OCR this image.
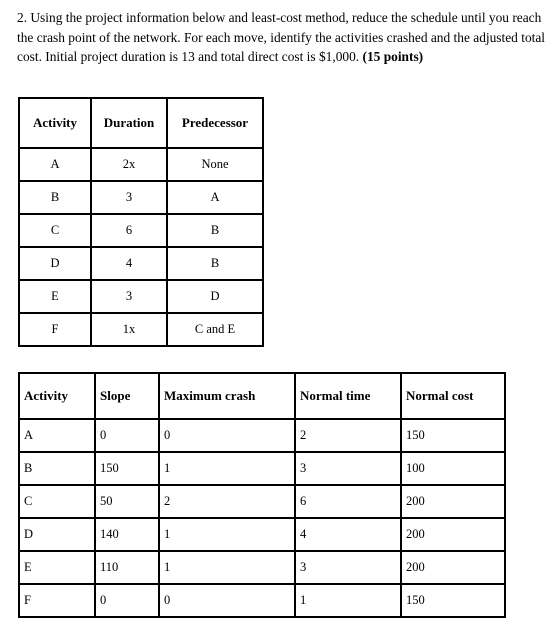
2. Using the project information below and least-cost method, reduce the schedule until you reach the crash point of the network. For each move, identify the activities crashed and the adjusted total cost. Initial project duration is 13 and total direct cost is $1,000. (15 points)

Activity	Duration	Predecessor
A	2x	None
B	3	A
C	6	B
D	4	B
E	3	D
F	1x	C and E
Activity	Slope	Maximum crash	Normal time	Normal cost
A	0	0	2	150
B	150	1	3	100
C	50	2	6	200
D	140	1	4	200
E	110	1	3	200
F	0	0	1	150
